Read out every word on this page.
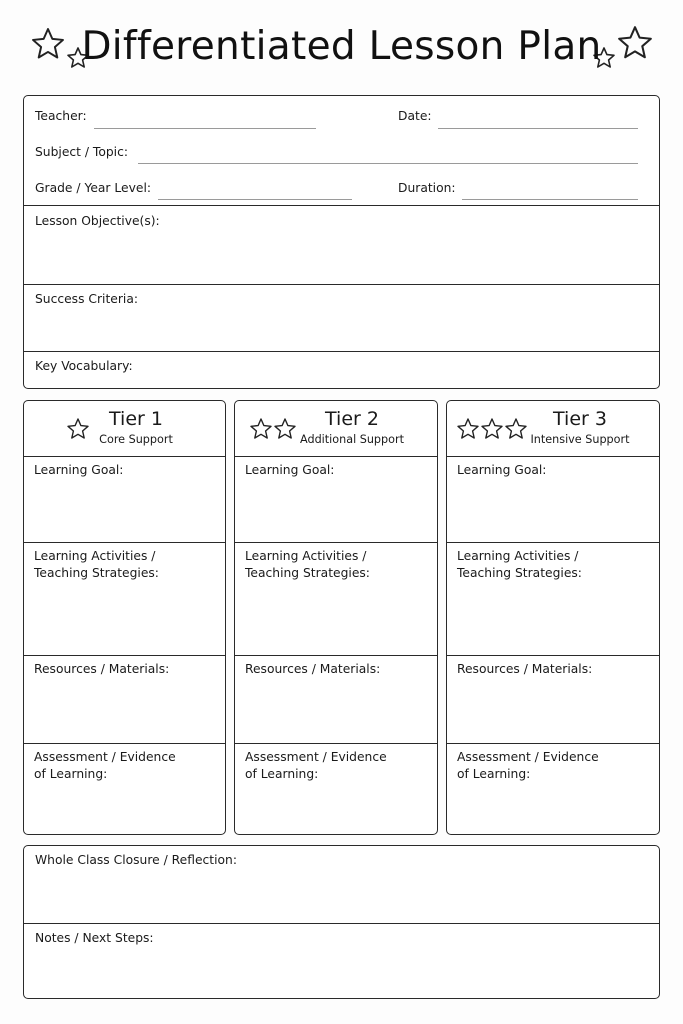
Differentiated Lesson Plan
Teacher:	Date:
Subject / Topic:
Grade / Year Level:	Duration:
Lesson Objective(s):
Success Criteria:
Key Vocabulary:
Tier 1
Core Support
Learning Goal:
Learning Activities /
Teaching Strategies:
Resources / Materials:
Assessment / Evidence
of Learning:
Tier 2
Additional Support
Learning Goal:
Learning Activities /
Teaching Strategies:
Resources / Materials:
Assessment / Evidence
of Learning:
Tier 3
Intensive Support
Learning Goal:
Learning Activities /
Teaching Strategies:
Resources / Materials:
Assessment / Evidence
of Learning:
Whole Class Closure / Reflection:
Notes / Next Steps:
